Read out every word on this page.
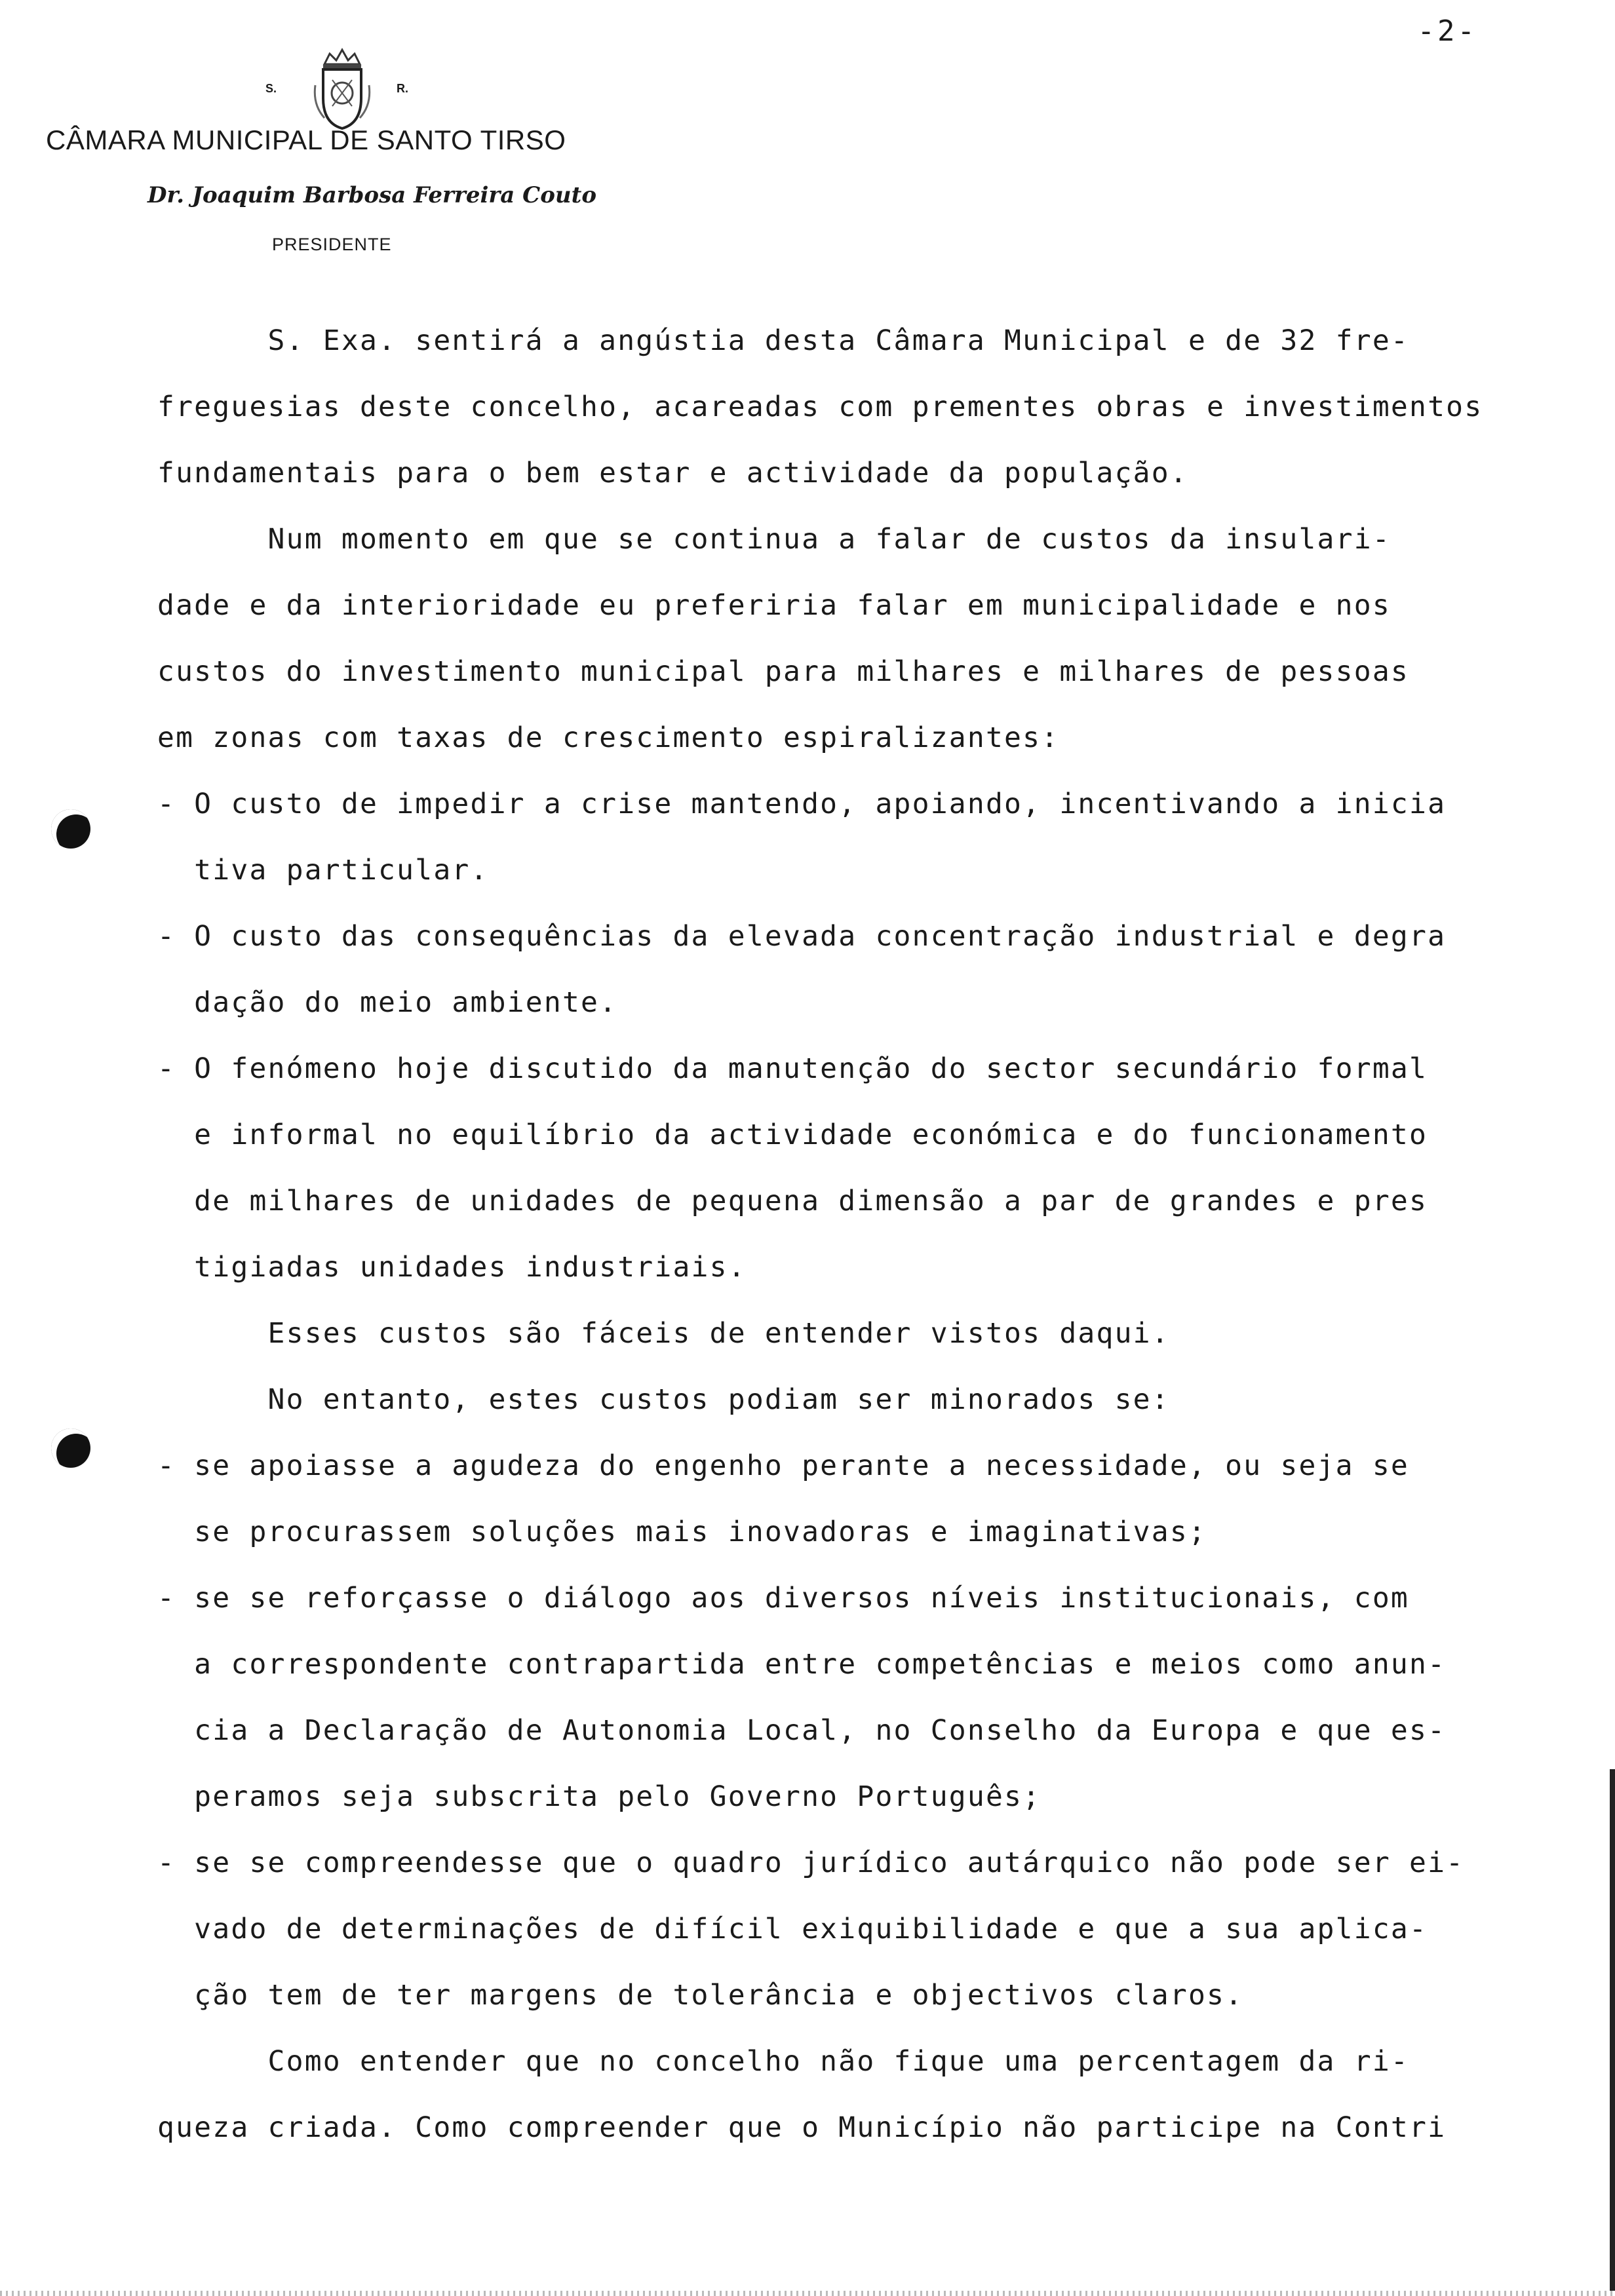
-2-
S.	R.
CÂMARA MUNICIPAL DE SANTO TIRSO
Dr. Joaquim Barbosa Ferreira Couto
PRESIDENTE
S. Exa. sentirá a angústia desta Câmara Municipal e de 32 fre-
freguesias deste concelho, acareadas com prementes obras e investimentos
fundamentais para o bem estar e actividade da população.
Num momento em que se continua a falar de custos da insulari-
dade e da interioridade eu preferiria falar em municipalidade e nos
custos do investimento municipal para milhares e milhares de pessoas
em zonas com taxas de crescimento espiralizantes:
- O custo de impedir a crise mantendo, apoiando, incentivando a inicia
tiva particular.
- O custo das consequências da elevada concentração industrial e degra
dação do meio ambiente.
- O fenómeno hoje discutido da manutenção do sector secundário formal
e informal no equilíbrio da actividade económica e do funcionamento
de milhares de unidades de pequena dimensão a par de grandes e pres
tigiadas unidades industriais.
Esses custos são fáceis de entender vistos daqui.
No entanto, estes custos podiam ser minorados se:
- se apoiasse a agudeza do engenho perante a necessidade, ou seja se
se procurassem soluções mais inovadoras e imaginativas;
- se se reforçasse o diálogo aos diversos níveis institucionais, com
a correspondente contrapartida entre competências e meios como anun-
cia a Declaração de Autonomia Local, no Conselho da Europa e que es-
peramos seja subscrita pelo Governo Português;
- se se compreendesse que o quadro jurídico autárquico não pode ser ei-
vado de determinações de difícil exiquibilidade e que a sua aplica-
ção tem de ter margens de tolerância e objectivos claros.
Como entender que no concelho não fique uma percentagem da ri-
queza criada. Como compreender que o Município não participe na Contri
